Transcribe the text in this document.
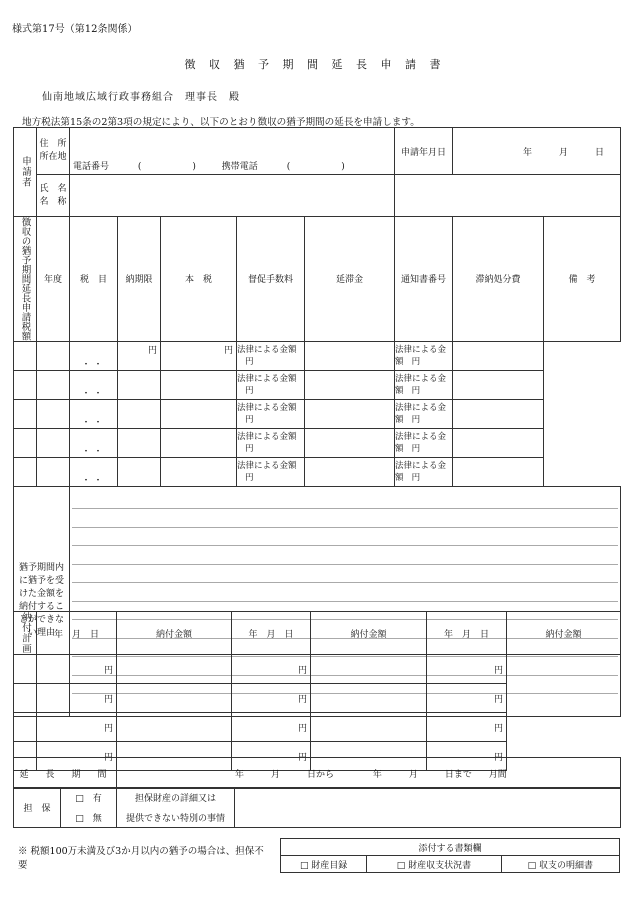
様式第17号（第12条関係）
徴 収 猶 予 期 間 延 長 申 請 書
仙南地域広域行政事務組合　理事長　殿
地方税法第15条の2第3項の規定により、以下のとおり徴収の猶予期間の延長を申請します。
申請者	住　所
所在地	電話番号 (　　　　) 携帯電話 (　　　　)					申請年月日	年　　　月　　　日	
	氏　名
名　称								

徴収の猶予期間延長申請税額	年度	税　目	納期限	本　税	督促手数料	延滞金	通知書番号	滞納処分費	備　考
		・・	円	円	法律による金額円		法律による金額 円		
		・・			法律による金額円		法律による金額 円		
		・・			法律による金額円		法律による金額 円		
		・・			法律による金額円		法律による金額 円		
		・・			法律による金額円		法律による金額 円		
猶予期間内に猶予を受けた金額を納付することができない理由									
納付計画	年　月　日	納付金額	年　月　日	納付金額	年　月　日	納付金額
	円		円		円	
	円		円		円	
	円		円		円	
	円		円		円	
延　長　期　間	年　　　月　　　日から	年　　　月　　　日まで 月間
担　保	□　有	担保財産の詳細又は	
	□　無	提供できない特別の事情	
※ 税額100万未満及び3か月以内の猶予の場合は、担保不要
添付する書類欄
□ 財産目録	□ 財産収支状況書	□ 収支の明細書
